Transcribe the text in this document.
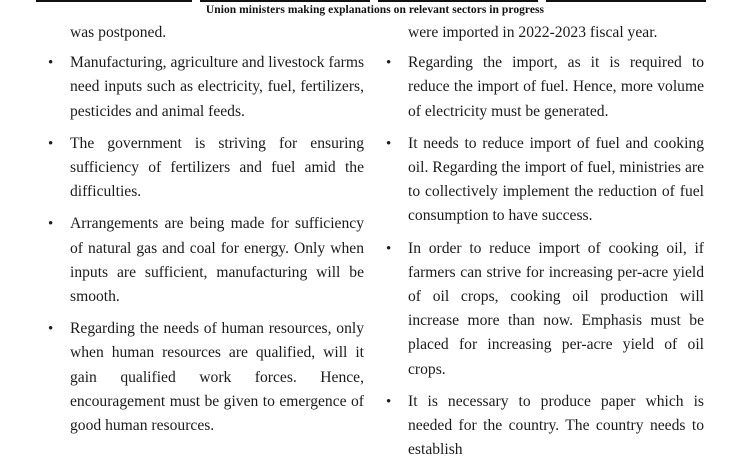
Union ministers making explanations on relevant sectors in progress

was postponed.

• Manufacturing, agriculture and livestock farms need inputs such as electricity, fuel, fertilizers, pesticides and animal feeds.
• The government is striving for ensuring sufficiency of fertilizers and fuel amid the difficulties.
• Arrangements are being made for sufficiency of natural gas and coal for energy. Only when inputs are sufficient, manufacturing will be smooth.
• Regarding the needs of human resources, only when human resources are qualified, will it gain qualified work forces. Hence, encouragement must be given to emergence of good human resources.

were imported in 2022-2023 fiscal year.

• Regarding the import, as it is required to reduce the import of fuel. Hence, more volume of electricity must be generated.
• It needs to reduce import of fuel and cooking oil. Regarding the import of fuel, ministries are to collectively implement the reduction of fuel consumption to have success.
• In order to reduce import of cooking oil, if farmers can strive for increasing per-acre yield of oil crops, cooking oil production will increase more than now. Emphasis must be placed for increasing per-acre yield of oil crops.
• It is necessary to produce paper which is needed for the country. The country needs to establish
